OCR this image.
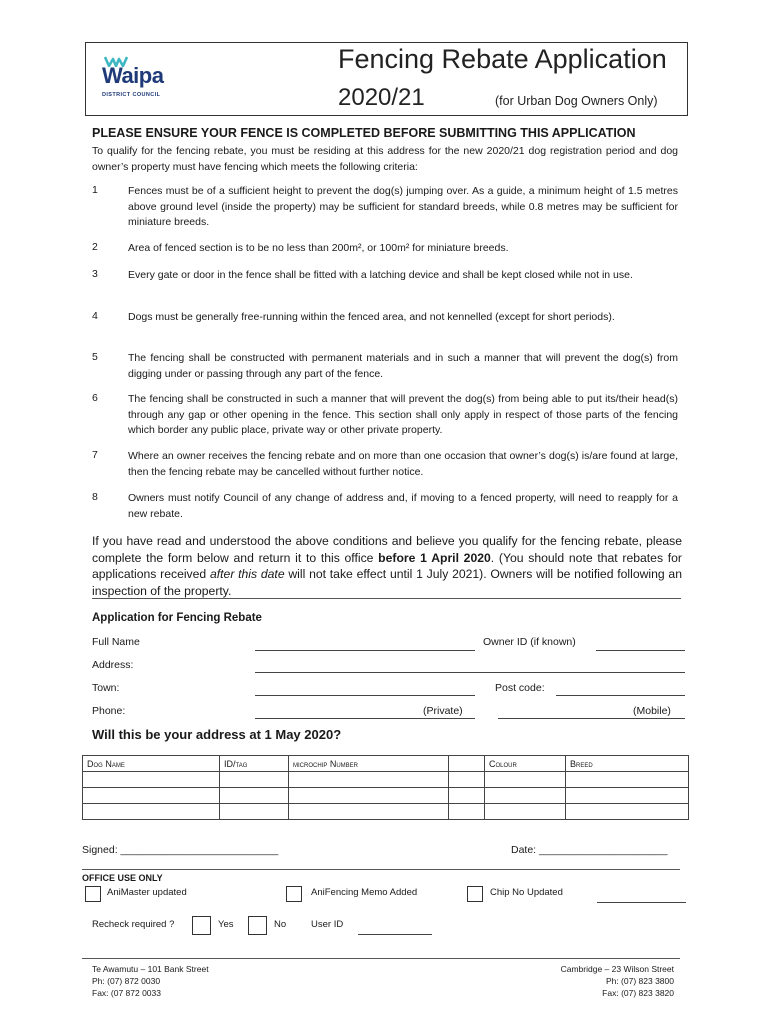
Waipa
DISTRICT COUNCIL
Fencing Rebate Application
2020/21	(for Urban Dog Owners Only)
PLEASE ENSURE YOUR FENCE IS COMPLETED BEFORE SUBMITTING THIS APPLICATION
To qualify for the fencing rebate, you must be residing at this address for the new 2020/21 dog registration period and dog owner’s property must have fencing which meets the following criteria:
1	Fences must be of a sufficient height to prevent the dog(s) jumping over. As a guide, a minimum height of 1.5 metres above ground level (inside the property) may be sufficient for standard breeds, while 0.8 metres may be sufficient for miniature breeds.
2	Area of fenced section is to be no less than 200m², or 100m² for miniature breeds.
3	Every gate or door in the fence shall be fitted with a latching device and shall be kept closed while not in use.
4	Dogs must be generally free-running within the fenced area, and not kennelled (except for short periods).
5	The fencing shall be constructed with permanent materials and in such a manner that will prevent the dog(s) from digging under or passing through any part of the fence.
6	The fencing shall be constructed in such a manner that will prevent the dog(s) from being able to put its/their head(s) through any gap or other opening in the fence. This section shall only apply in respect of those parts of the fencing which border any public place, private way or other private property.
7	Where an owner receives the fencing rebate and on more than one occasion that owner’s dog(s) is/are found at large, then the fencing rebate may be cancelled without further notice.
8	Owners must notify Council of any change of address and, if moving to a fenced property, will need to reapply for a new rebate.
If you have read and understood the above conditions and believe you qualify for the fencing rebate, please complete the form below and return it to this office before 1 April 2020. (You should note that rebates for applications received after this date will not take effect until 1 July 2021). Owners will be notified following an inspection of the property.
Application for Fencing Rebate
Full Name	Owner ID (if known)
Address:
Town:	Post code:
Phone:	(Private)	(Mobile)
Will this be your address at 1 May 2020?
Dog Name	ID/tag	microchip Number		Colour	Breed

Signed: ___________________________	Date: ______________________
OFFICE USE ONLY
AniMaster updated	AniFencing Memo Added	Chip No Updated
Recheck required ?	Yes	No	User ID
Te Awamutu – 101 Bank Street
Ph: (07) 872 0030
Fax: (07 872 0033
Cambridge – 23 Wilson Street
Ph: (07) 823 3800
Fax: (07) 823 3820
